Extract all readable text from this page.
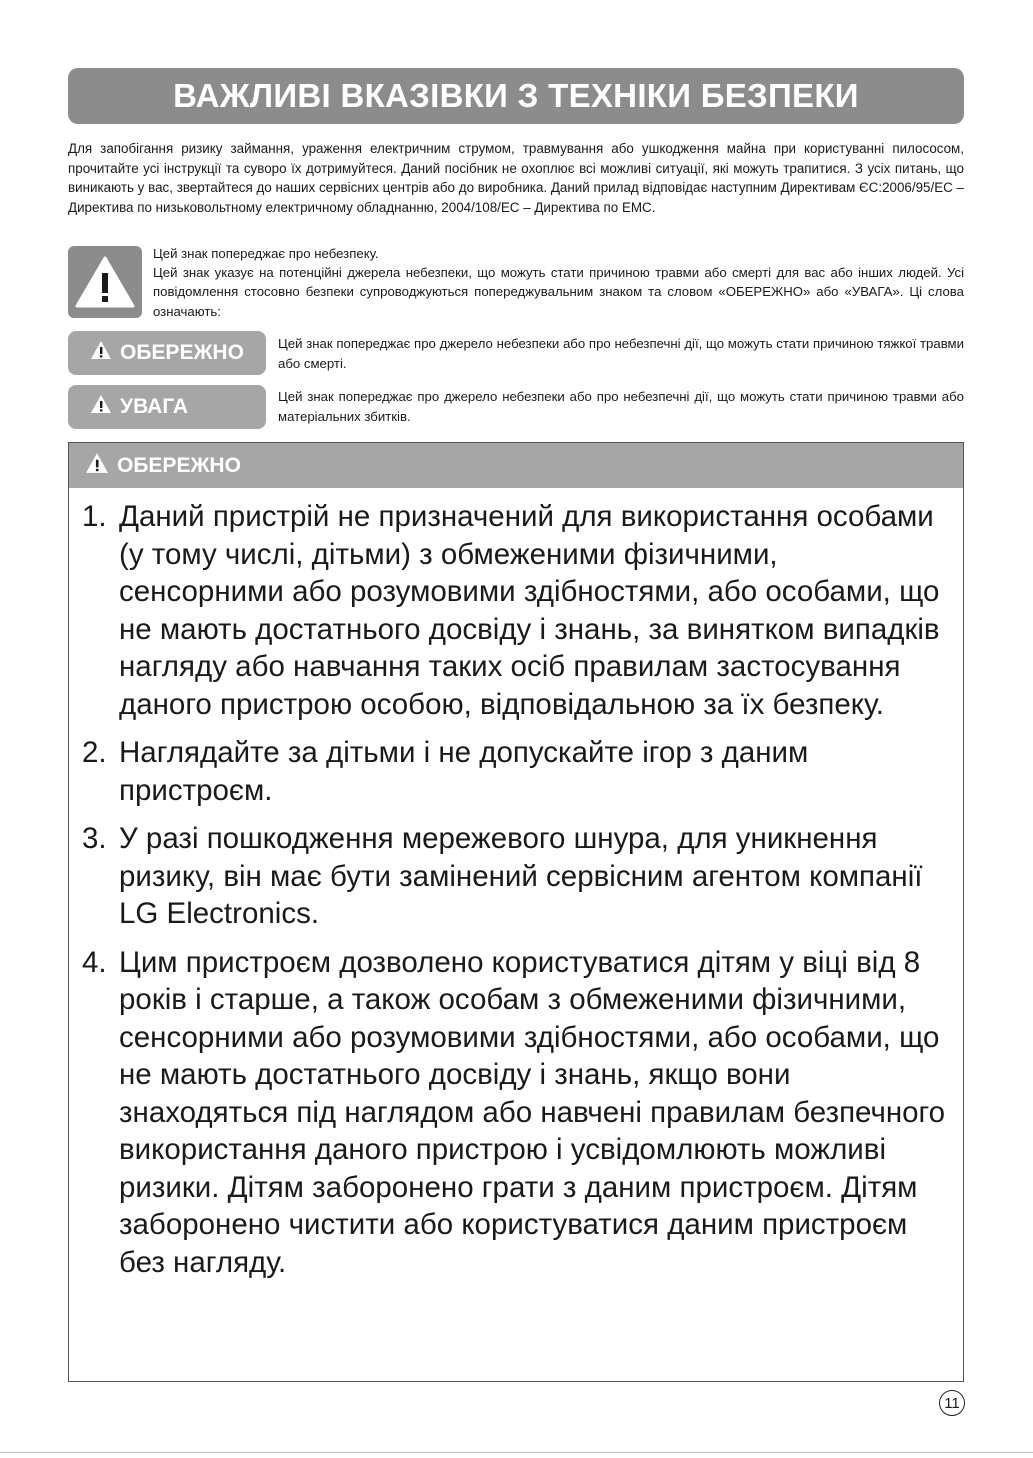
ВАЖЛИВІ ВКАЗІВКИ З ТЕХНІКИ БЕЗПЕКИ

Для запобігання ризику займання, ураження електричним струмом, травмування або ушкодження майна при користуванні пилососом, прочитайте усі інструкції та суворо їх дотримуйтеся. Даний посібник не охоплює всі можливі ситуації, які можуть трапитися. З усіх питань, що виникають у вас, звертайтеся до наших сервісних центрів або до виробника. Даний прилад відповідає наступним Директивам ЄС:2006/95/EC – Директива по низьковольтному електричному обладнанню, 2004/108/EC – Директива по EMC.

Цей знак попереджає про небезпеку.

Цей знак указує на потенційні джерела небезпеки, що можуть стати причиною травми або смерті для вас або інших людей. Усі повідомлення стосовно безпеки супроводжуються попереджувальним знаком та словом «ОБЕРЕЖНО» або «УВАГА». Ці слова означають:

ОБЕРЕЖНО	Цей знак попереджає про джерело небезпеки або про небезпечні дії, що можуть стати причиною тяжкої травми або смерті.

УВАГА	Цей знак попереджає про джерело небезпеки або про небезпечні дії, що можуть стати причиною травми або матеріальних збитків.

ОБЕРЕЖНО
1. Даний пристрій не призначений для використання особами (у тому числі, дітьми) з обмеженими фізичними, сенсорними або розумовими здібностями, або особами, що не мають достатнього досвіду і знань, за винятком випадків нагляду або навчання таких осіб правилам застосування даного пристрою особою, відповідальною за їх безпеку.
2. Наглядайте за дітьми і не допускайте ігор з даним пристроєм.
3. У разі пошкодження мережевого шнура, для уникнення ризику, він має бути замінений сервісним агентом компанії LG Electronics.
4. Цим пристроєм дозволено користуватися дітям у віці від 8 років і старше, а також особам з обмеженими фізичними, сенсорними або розумовими здібностями, або особами, що не мають достатнього досвіду і знань, якщо вони знаходяться під наглядом або навчені правилам безпечного використання даного пристрою і усвідомлюють можливі ризики. Дітям заборонено грати з даним пристроєм. Дітям заборонено чистити або користуватися даним пристроєм без нагляду.
11
